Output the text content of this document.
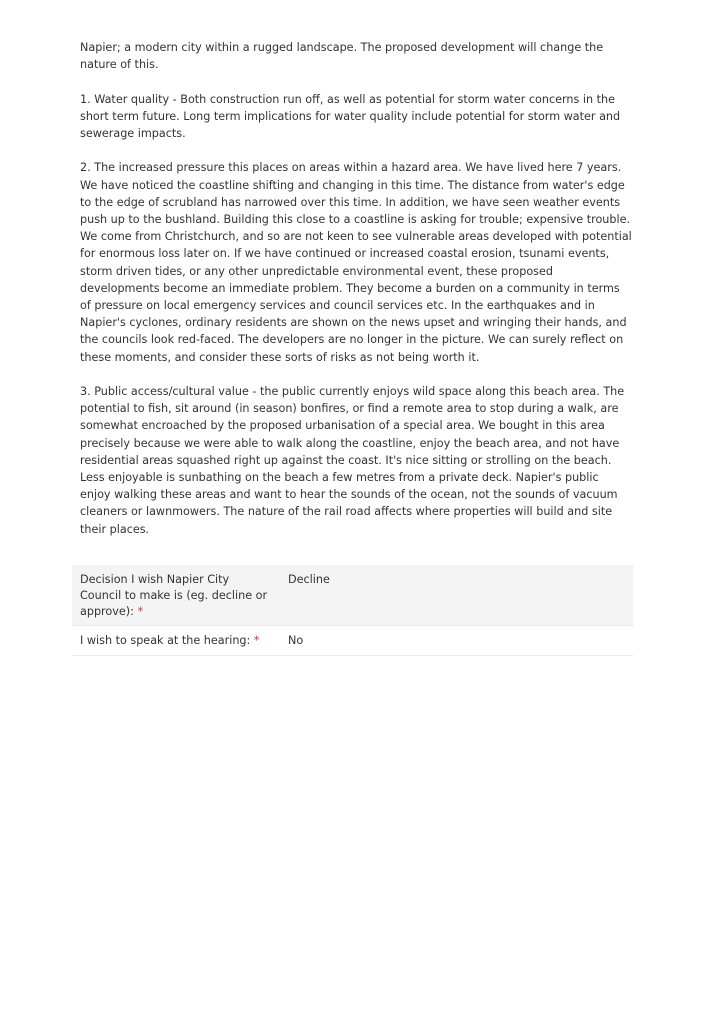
Napier; a modern city within a rugged landscape. The proposed development will change the nature of this.

1. Water quality - Both construction run off, as well as potential for storm water concerns in the short term future. Long term implications for water quality include potential for storm water and sewerage impacts.

2. The increased pressure this places on areas within a hazard area. We have lived here 7 years. We have noticed the coastline shifting and changing in this time. The distance from water's edge to the edge of scrubland has narrowed over this time. In addition, we have seen weather events push up to the bushland. Building this close to a coastline is asking for trouble; expensive trouble.

We come from Christchurch, and so are not keen to see vulnerable areas developed with potential for enormous loss later on. If we have continued or increased coastal erosion, tsunami events, storm driven tides, or any other unpredictable environmental event, these proposed developments become an immediate problem. They become a burden on a community in terms of pressure on local emergency services and council services etc. In the earthquakes and in Napier's cyclones, ordinary residents are shown on the news upset and wringing their hands, and the councils look red-faced. The developers are no longer in the picture. We can surely reflect on these moments, and consider these sorts of risks as not being worth it.

3. Public access/cultural value - the public currently enjoys wild space along this beach area. The potential to fish, sit around (in season) bonfires, or find a remote area to stop during a walk, are somewhat encroached by the proposed urbanisation of a special area. We bought in this area precisely because we were able to walk along the coastline, enjoy the beach area, and not have residential areas squashed right up against the coast. It's nice sitting or strolling on the beach. Less enjoyable is sunbathing on the beach a few metres from a private deck. Napier's public enjoy walking these areas and want to hear the sounds of the ocean, not the sounds of vacuum cleaners or lawnmowers. The nature of the rail road affects where properties will build and site their places.

Decision I wish Napier City Council to make is (eg. decline or approve): *
Decline
I wish to speak at the hearing: *	No
